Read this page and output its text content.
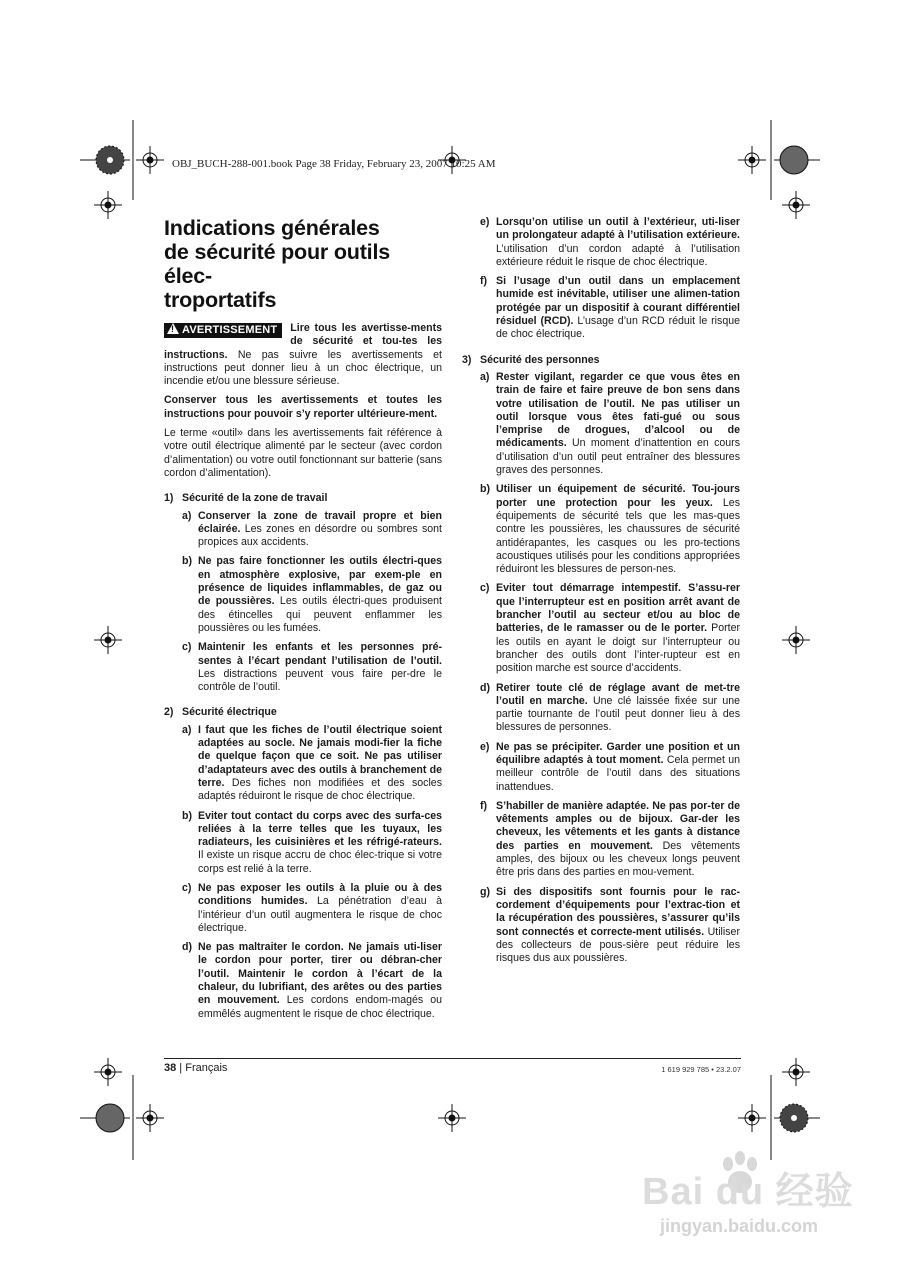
OBJ_BUCH-288-001.book Page 38 Friday, February 23, 2007 10:25 AM
Indications générales
de sécurité pour outils élec-
troportatifs
!AVERTISSEMENT	Lire tous les avertisse-ments de sécurité et tou-tes les instructions. Ne pas suivre les avertissements et instructions peut donner lieu à un choc électrique, un incendie et/ou une blessure sérieuse.

Conserver tous les avertissements et toutes les instructions pour pouvoir s’y reporter ultérieure-ment.

Le terme «outil» dans les avertissements fait référence à votre outil électrique alimenté par le secteur (avec cordon d’alimentation) ou votre outil fonctionnant sur batterie (sans cordon d’alimentation).

1) Sécurité de la zone de travail
a) Conserver la zone de travail propre et bien éclairée. Les zones en désordre ou sombres sont propices aux accidents.
b) Ne pas faire fonctionner les outils électri-ques en atmosphère explosive, par exem-ple en présence de liquides inflammables, de gaz ou de poussières. Les outils électri-ques produisent des étincelles qui peuvent enflammer les poussières ou les fumées.
c) Maintenir les enfants et les personnes pré-sentes à l’écart pendant l’utilisation de l’outil. Les distractions peuvent vous faire per-dre le contrôle de l’outil.
2) Sécurité électrique
a) I faut que les fiches de l’outil électrique soient adaptées au socle. Ne jamais modi-fier la fiche de quelque façon que ce soit. Ne pas utiliser d’adaptateurs avec des outils à branchement de terre. Des fiches non modifiées et des socles adaptés réduiront le risque de choc électrique.
b) Eviter tout contact du corps avec des surfa-ces reliées à la terre telles que les tuyaux, les radiateurs, les cuisinières et les réfrigé-rateurs. Il existe un risque accru de choc élec-trique si votre corps est relié à la terre.
c) Ne pas exposer les outils à la pluie ou à des conditions humides. La pénétration d’eau à l’intérieur d’un outil augmentera le risque de choc électrique.
d) Ne pas maltraiter le cordon. Ne jamais uti-liser le cordon pour porter, tirer ou débran-cher l’outil. Maintenir le cordon à l’écart de la chaleur, du lubrifiant, des arêtes ou des parties en mouvement. Les cordons endom-magés ou emmêlés augmentent le risque de choc électrique.
e) Lorsqu’on utilise un outil à l’extérieur, uti-liser un prolongateur adapté à l’utilisation extérieure. L’utilisation d’un cordon adapté à l’utilisation extérieure réduit le risque de choc électrique.
f) Si l’usage d’un outil dans un emplacement humide est inévitable, utiliser une alimen-tation protégée par un dispositif à courant différentiel résiduel (RCD). L’usage d’un RCD réduit le risque de choc électrique.
3) Sécurité des personnes
a) Rester vigilant, regarder ce que vous êtes en train de faire et faire preuve de bon sens dans votre utilisation de l’outil. Ne pas utiliser un outil lorsque vous êtes fati-gué ou sous l’emprise de drogues, d’alcool ou de médicaments. Un moment d’inattention en cours d’utilisation d’un outil peut entraîner des blessures graves des personnes.
b) Utiliser un équipement de sécurité. Tou-jours porter une protection pour les yeux. Les équipements de sécurité tels que les mas-ques contre les poussières, les chaussures de sécurité antidérapantes, les casques ou les pro-tections acoustiques utilisés pour les conditions appropriées réduiront les blessures de person-nes.
c) Eviter tout démarrage intempestif. S’assu-rer que l’interrupteur est en position arrêt avant de brancher l’outil au secteur et/ou au bloc de batteries, de le ramasser ou de le porter. Porter les outils en ayant le doigt sur l’interrupteur ou brancher des outils dont l’inter-rupteur est en position marche est source d’accidents.
d) Retirer toute clé de réglage avant de met-tre l’outil en marche. Une clé laissée fixée sur une partie tournante de l’outil peut donner lieu à des blessures de personnes.
e) Ne pas se précipiter. Garder une position et un équilibre adaptés à tout moment. Cela permet un meilleur contrôle de l’outil dans des situations inattendues.
f) S’habiller de manière adaptée. Ne pas por-ter de vêtements amples ou de bijoux. Gar-der les cheveux, les vêtements et les gants à distance des parties en mouvement. Des vêtements amples, des bijoux ou les cheveux longs peuvent être pris dans des parties en mou-vement.
g) Si des dispositifs sont fournis pour le rac-cordement d’équipements pour l’extrac-tion et la récupération des poussières, s’assurer qu’ils sont connectés et correcte-ment utilisés. Utiliser des collecteurs de pous-sière peut réduire les risques dus aux poussières.
38 | Français	1 619 929 785 • 23.2.07
Bai du 经验
jingyan.baidu.com
